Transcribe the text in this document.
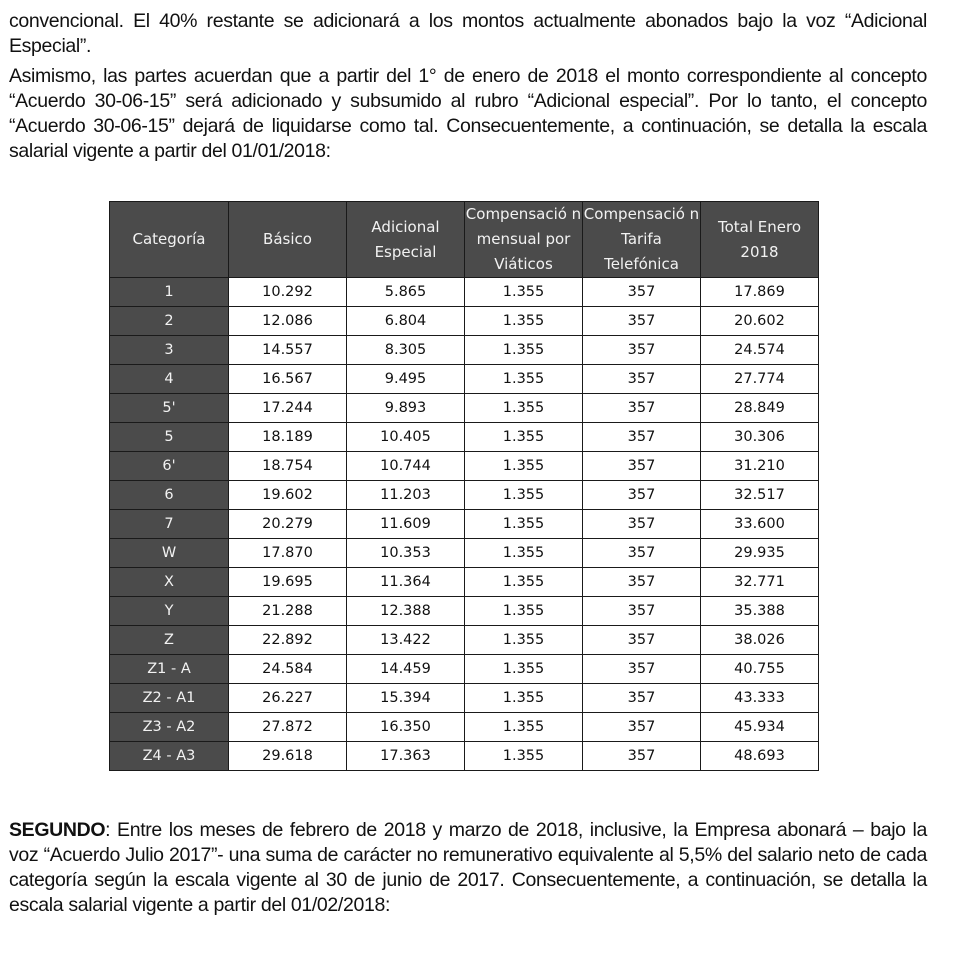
convencional. El 40% restante se adicionará a los montos actualmente abonados bajo la voz “Adicional Especial”.
Asimismo, las partes acuerdan que a partir del 1° de enero de 2018 el monto correspondiente al concepto “Acuerdo 30-06-15” será adicionado y subsumido al rubro “Adicional especial”. Por lo tanto, el concepto “Acuerdo 30-06-15” dejará de liquidarse como tal. Consecuentemente, a continuación, se detalla la escala salarial vigente a partir del 01/01/2018:
Categoría	Básico	Adicional Especial	Compensació n mensual por Viáticos	Compensació n Tarifa Telefónica	Total Enero 2018
1	10.292	5.865	1.355	357	17.869
2	12.086	6.804	1.355	357	20.602
3	14.557	8.305	1.355	357	24.574
4	16.567	9.495	1.355	357	27.774
5'	17.244	9.893	1.355	357	28.849
5	18.189	10.405	1.355	357	30.306
6'	18.754	10.744	1.355	357	31.210
6	19.602	11.203	1.355	357	32.517
7	20.279	11.609	1.355	357	33.600
W	17.870	10.353	1.355	357	29.935
X	19.695	11.364	1.355	357	32.771
Y	21.288	12.388	1.355	357	35.388
Z	22.892	13.422	1.355	357	38.026
Z1 - A	24.584	14.459	1.355	357	40.755
Z2 - A1	26.227	15.394	1.355	357	43.333
Z3 - A2	27.872	16.350	1.355	357	45.934
Z4 - A3	29.618	17.363	1.355	357	48.693
SEGUNDO: Entre los meses de febrero de 2018 y marzo de 2018, inclusive, la Empresa abonará – bajo la voz “Acuerdo Julio 2017”- una suma de carácter no remunerativo equivalente al 5,5% del salario neto de cada categoría según la escala vigente al 30 de junio de 2017. Consecuentemente, a continuación, se detalla la escala salarial vigente a partir del 01/02/2018:
